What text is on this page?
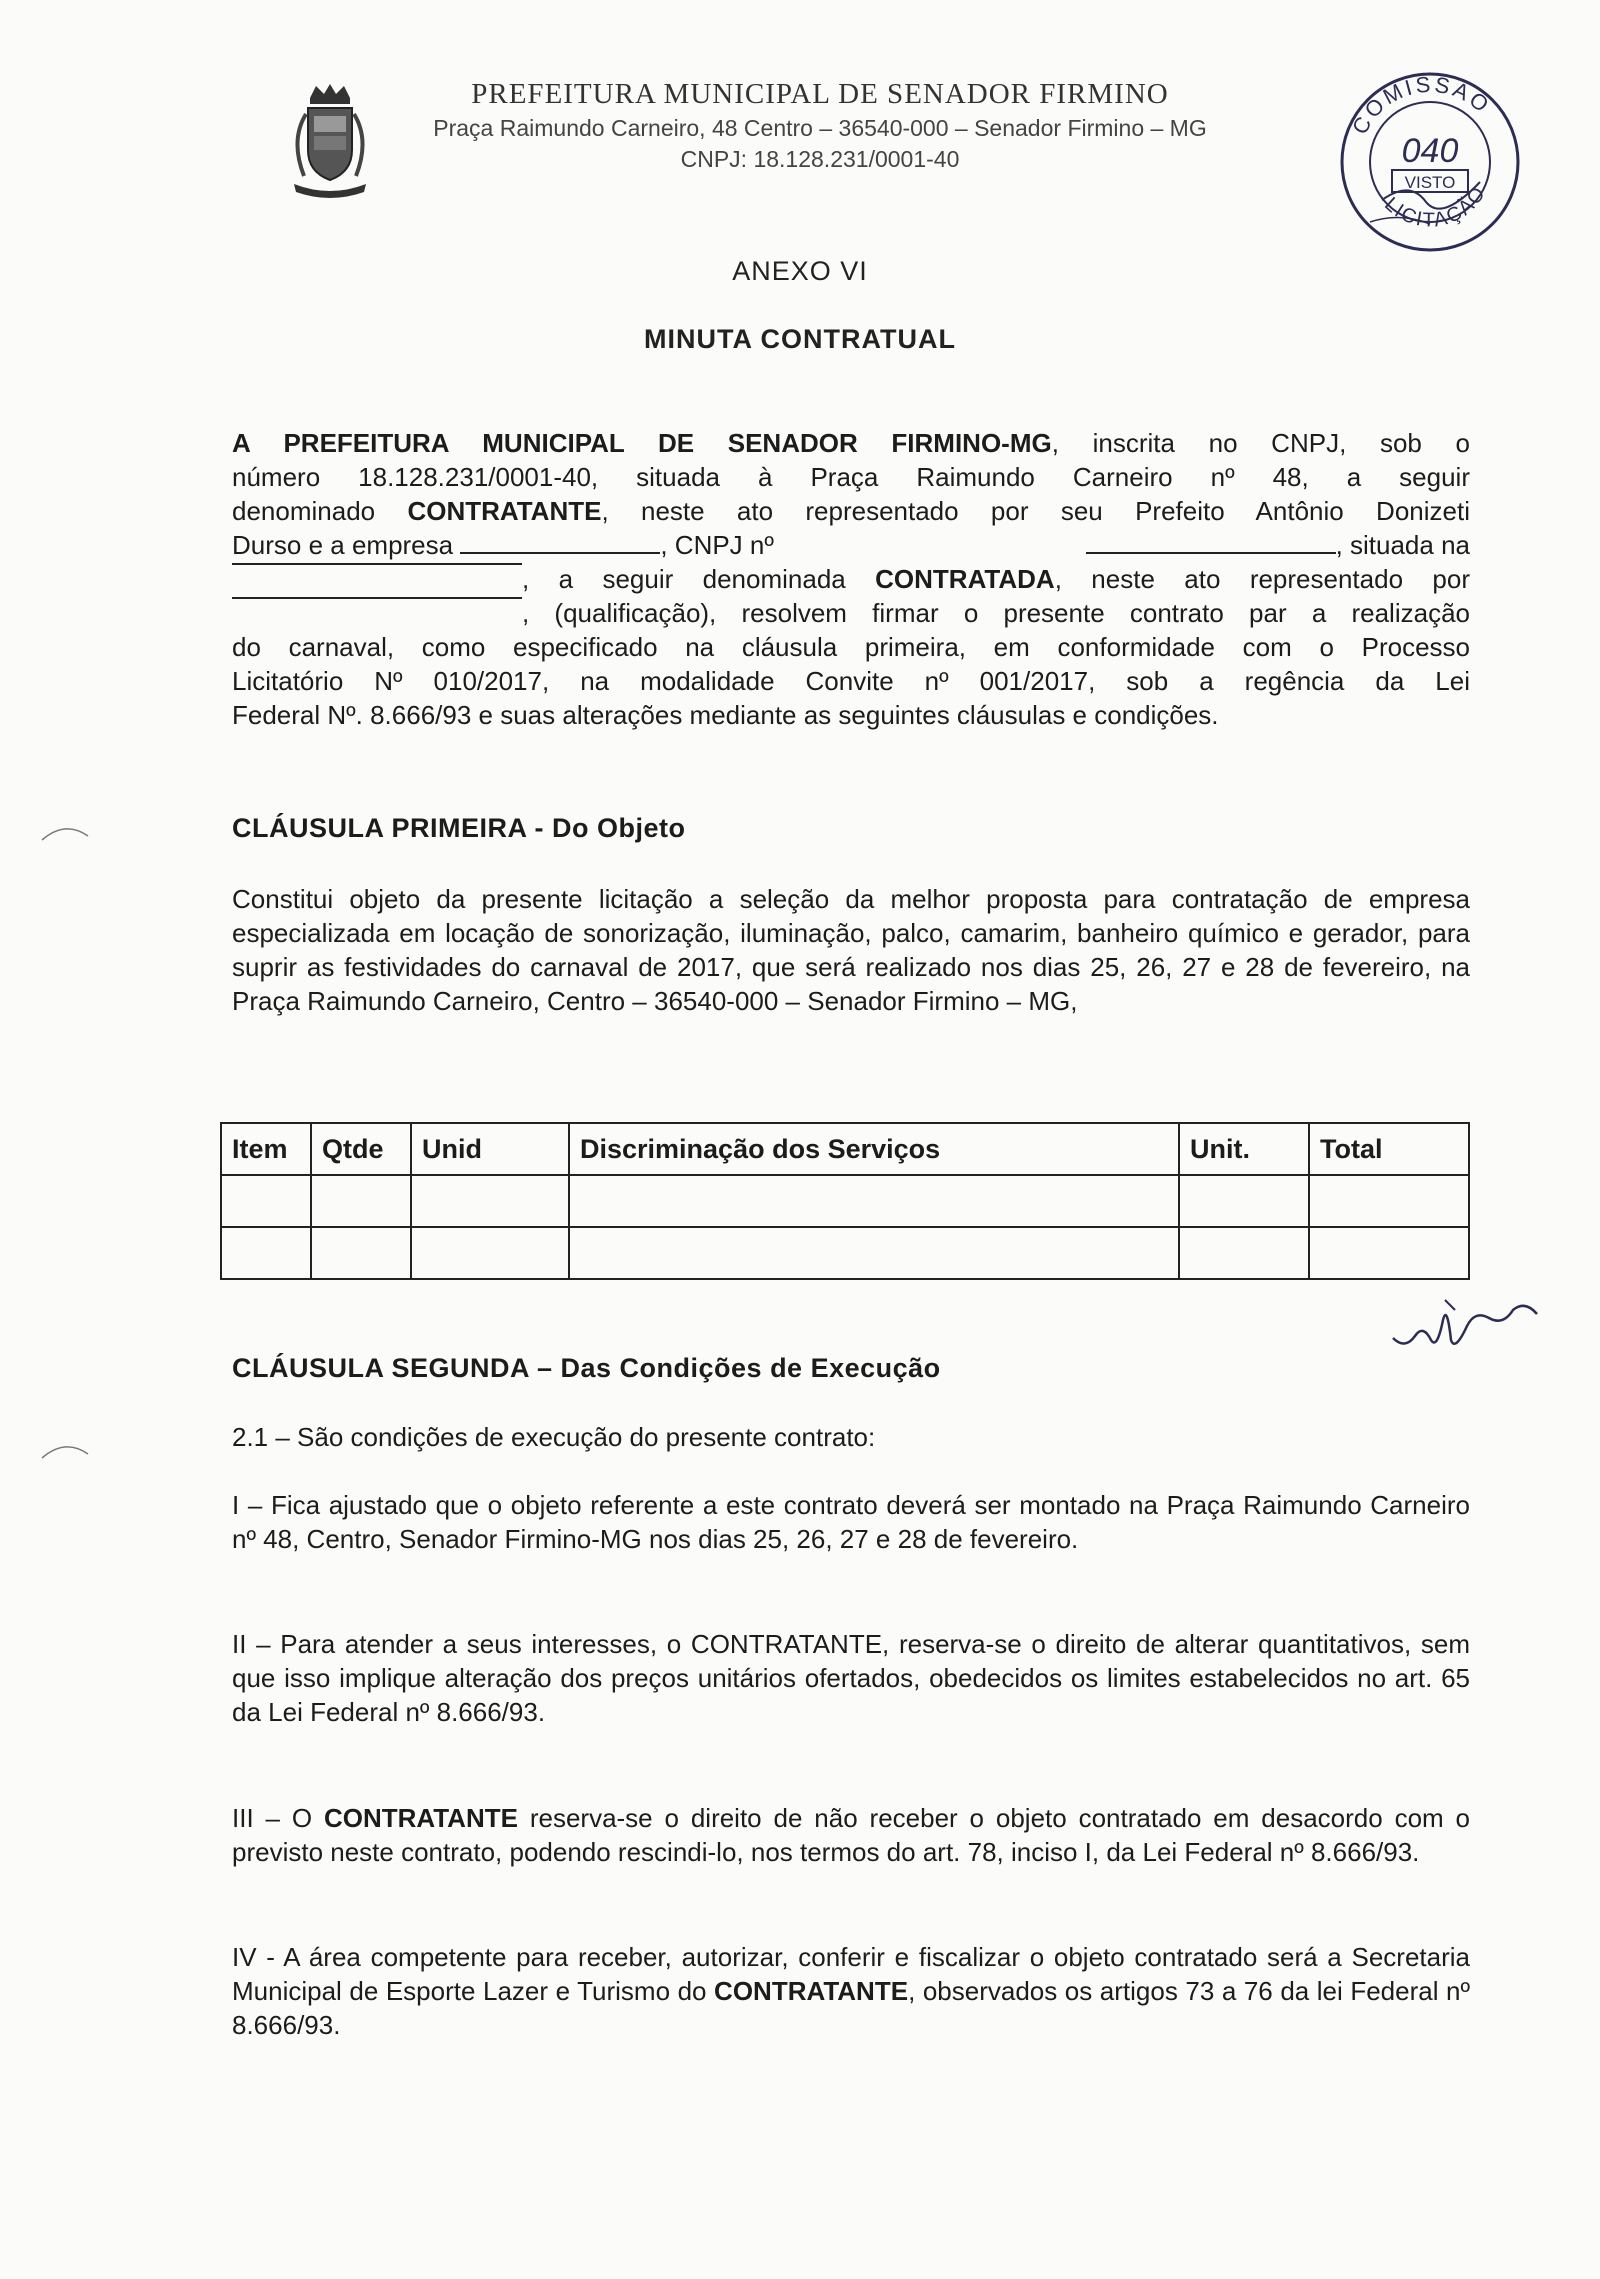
PREFEITURA MUNICIPAL DE SENADOR FIRMINO
Praça Raimundo Carneiro, 48 Centro – 36540-000 – Senador Firmino – MG
CNPJ: 18.128.231/0001-40
COMISSÃO
LICITAÇÃO
040
VISTO
ANEXO VI
MINUTA CONTRATUAL
A PREFEITURA MUNICIPAL DE SENADOR FIRMINO-MG, inscrita no CNPJ, sob o
número 18.128.231/0001-40, situada à Praça Raimundo Carneiro nº 48, a seguir
denominado CONTRATANTE, neste ato representado por seu Prefeito Antônio Donizeti
Durso e a empresa	, CNPJ nº	, situada na
, a seguir denominada CONTRATADA, neste ato representado por
, (qualificação), resolvem firmar o presente contrato par a realização
do carnaval, como especificado na cláusula primeira, em conformidade com o Processo
Licitatório Nº 010/2017, na modalidade Convite nº 001/2017, sob a regência da Lei
Federal Nº. 8.666/93 e suas alterações mediante as seguintes cláusulas e condições.
CLÁUSULA PRIMEIRA - Do Objeto
Constitui objeto da presente licitação a seleção da melhor proposta para contratação de empresa especializada em locação de sonorização, iluminação, palco, camarim, banheiro químico e gerador, para suprir as festividades do carnaval de 2017, que será realizado nos dias 25, 26, 27 e 28 de fevereiro, na Praça Raimundo Carneiro, Centro – 36540-000 – Senador Firmino – MG,
Item	Qtde	Unid	Discriminação dos Serviços	Unit.	Total

CLÁUSULA SEGUNDA – Das Condições de Execução
2.1 – São condições de execução do presente contrato:
I – Fica ajustado que o objeto referente a este contrato deverá ser montado na Praça Raimundo Carneiro nº 48, Centro, Senador Firmino-MG nos dias 25, 26, 27 e 28 de fevereiro.
II – Para atender a seus interesses, o CONTRATANTE, reserva-se o direito de alterar quantitativos, sem que isso implique alteração dos preços unitários ofertados, obedecidos os limites estabelecidos no art. 65 da Lei Federal nº 8.666/93.
III – O CONTRATANTE reserva-se o direito de não receber o objeto contratado em desacordo com o previsto neste contrato, podendo rescindi-lo, nos termos do art. 78, inciso I, da Lei Federal nº 8.666/93.
IV - A área competente para receber, autorizar, conferir e fiscalizar o objeto contratado será a Secretaria Municipal de Esporte Lazer e Turismo do CONTRATANTE, observados os artigos 73 a 76 da lei Federal nº 8.666/93.
